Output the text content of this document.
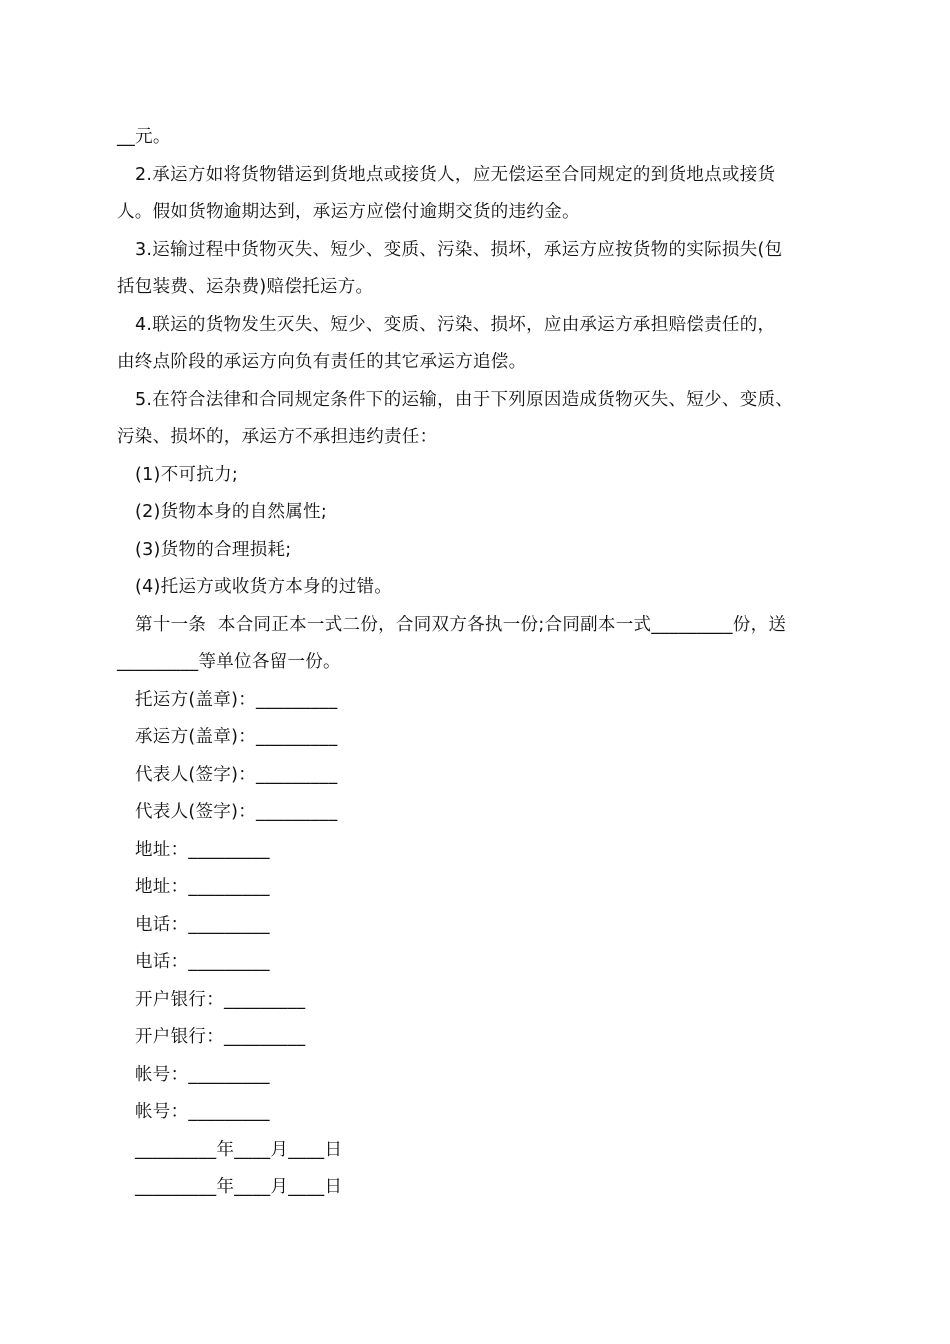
__元。
2.承运方如将货物错运到货地点或接货人，应无偿运至合同规定的到货地点或接货
人。假如货物逾期达到，承运方应偿付逾期交货的违约金。
3.运输过程中货物灭失、短少、变质、污染、损坏，承运方应按货物的实际损失(包
括包装费、运杂费)赔偿托运方。
4.联运的货物发生灭失、短少、变质、污染、损坏，应由承运方承担赔偿责任的，
由终点阶段的承运方向负有责任的其它承运方追偿。
5.在符合法律和合同规定条件下的运输，由于下列原因造成货物灭失、短少、变质、
污染、损坏的，承运方不承担违约责任：
(1)不可抗力;
(2)货物本身的自然属性;
(3)货物的合理损耗;
(4)托运方或收货方本身的过错。
第十一条  本合同正本一式二份，合同双方各执一份;合同副本一式_________份，送
_________等单位各留一份。
托运方(盖章)：_________
承运方(盖章)：_________
代表人(签字)：_________
代表人(签字)：_________
地址：_________
地址：_________
电话：_________
电话：_________
开户银行：_________
开户银行：_________
帐号：_________
帐号：_________
_________年____月____日
_________年____月____日
